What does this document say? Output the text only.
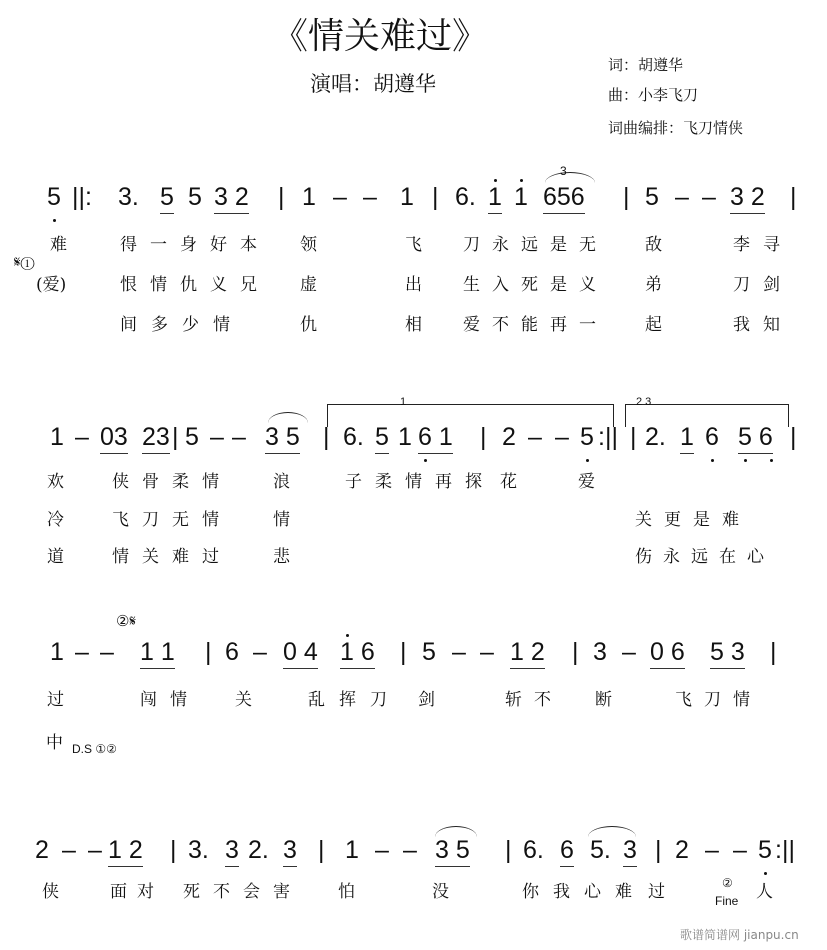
《情关难过》
演唱：胡遵华
词：胡遵华
曲：小李飞刀
词曲编排：飞刀情侠
5 ||: 3. 5 5 3 2 | 1 – – 1 | 6. 1 1 656 | 5 – – 3 2 |
1 – 03 23 | 5 – – 3 5 | 6. 5 1 6 1 | 2 – – 5 :|| | 2. 1 6 5 6 |
1 – – 1 1 | 6 – 0 4 1 6 | 5 – – 1 2 | 3 – 0 6 5 3 |
2 – – 1 2 | 3. 3 2. 3 | 1 – – 3 5 | 6. 6 5. 3 | 2 – – 5 :||
难	得一身好本 领	飞 刀永远是无 敌	李寻
(爱)	恨情仇义兄 虚	出 生入死是义 弟	刀剑
间多少情	仇	相 爱不能再一 起	我知
欢	侠骨柔情 浪	子柔情再探 花	爱
冷	飞刀无情 情	关更是难
道	情关难过 悲	伤永远在心
过	闯情 关	乱挥刀 剑	斩不 断	飞刀情
中
侠	面对 死不会害 怕	没	你我心难 过	人
3
1	2 3
𝄋①
②𝄋
D.S ①②
②
Fine
歌谱简谱网 jianpu.cn
